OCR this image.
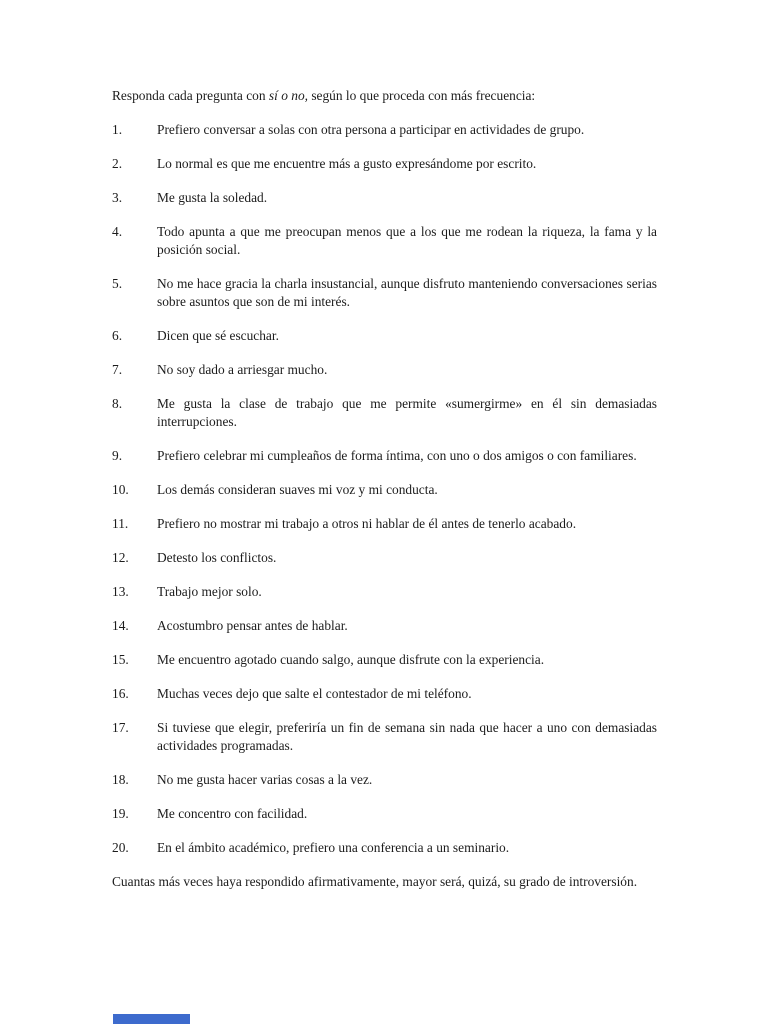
Responda cada pregunta con sí o no, según lo que proceda con más frecuencia:

1.	Prefiero conversar a solas con otra persona a participar en actividades de grupo.
2.	Lo normal es que me encuentre más a gusto expresándome por escrito.
3.	Me gusta la soledad.
4.	Todo apunta a que me preocupan menos que a los que me rodean la riqueza, la fama y la posición social.
5.	No me hace gracia la charla insustancial, aunque disfruto manteniendo conversaciones serias sobre asuntos que son de mi interés.
6.	Dicen que sé escuchar.
7.	No soy dado a arriesgar mucho.
8.	Me gusta la clase de trabajo que me permite «sumergirme» en él sin demasiadas interrupciones.
9.	Prefiero celebrar mi cumpleaños de forma íntima, con uno o dos amigos o con familiares.
10.	Los demás consideran suaves mi voz y mi conducta.
11.	Prefiero no mostrar mi trabajo a otros ni hablar de él antes de tenerlo acabado.
12.	Detesto los conflictos.
13.	Trabajo mejor solo.
14.	Acostumbro pensar antes de hablar.
15.	Me encuentro agotado cuando salgo, aunque disfrute con la experiencia.
16.	Muchas veces dejo que salte el contestador de mi teléfono.
17.	Si tuviese que elegir, preferiría un fin de semana sin nada que hacer a uno con demasiadas actividades programadas.
18.	No me gusta hacer varias cosas a la vez.
19.	Me concentro con facilidad.
20.	En el ámbito académico, prefiero una conferencia a un seminario.

Cuantas más veces haya respondido afirmativamente, mayor será, quizá, su grado de introversión.
